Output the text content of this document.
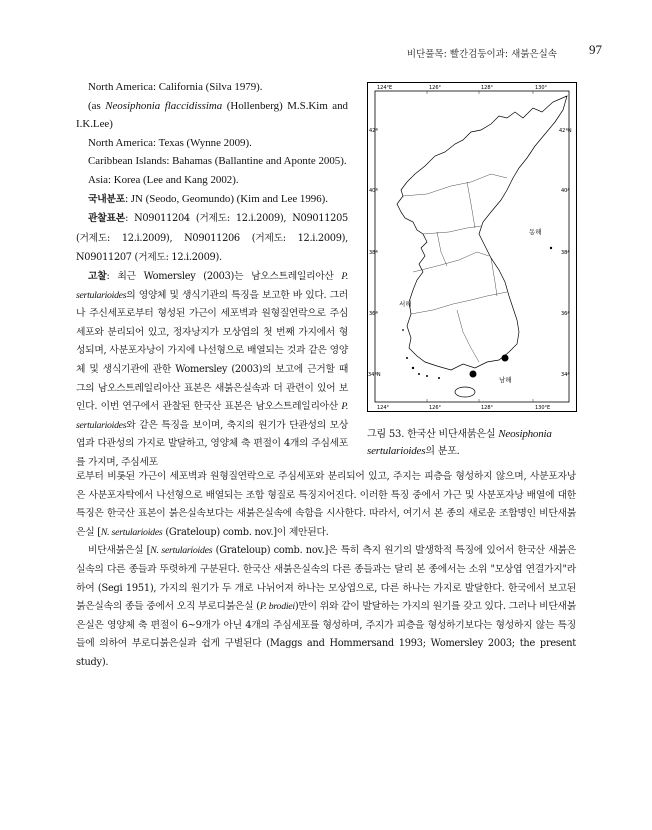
비단풀목: 빨간검둥이과: 새붉은실속 97

North America: California (Silva 1979).

(as Neosiphonia flaccidissima (Hollenberg) M.S.Kim and I.K.Lee)

North America: Texas (Wynne 2009).

Caribbean Islands: Bahamas (Ballantine and Aponte 2005).

Asia: Korea (Lee and Kang 2002).

국내분포: JN (Seodo, Geomundo) (Kim and Lee 1996).

관찰표본: N09011204 (거제도: 12.i.2009), N09011205 (거제도: 12.i.2009), N09011206 (거제도: 12.i.2009), N09011207 (거제도: 12.i.2009).

고찰: 최근 Womersley (2003)는 남오스트레일리아산 P. sertularioides의 영양체 및 생식기관의 특징을 보고한 바 있다. 그러나 주신세포로부터 형성된 가근이 세포벽과 원형질연락으로 주심세포와 분리되어 있고, 정자낭지가 모상엽의 첫 번째 가지에서 형성되며, 사분포자낭이 가지에 나선형으로 배열되는 것과 같은 영양체 및 생식기관에 관한 Womersley (2003)의 보고에 근거할 때 그의 남오스트레일리아산 표본은 새붉은실속과 더 관련이 있어 보인다. 이번 연구에서 관찰된 한국산 표본은 남오스트레일리아산 P. sertularioides와 같은 특징을 보이며, 축지의 원기가 단관성의 모상엽과 다관성의 가지로 발달하고, 영양체 축 편절이 4개의 주심세포를 가지며, 주심세포

124°E	126°	128°	130°
124°	126°	128°	130°E
42°
40°
38°
36°
34°N
42°N
40°
38°
36°
34°
동해
서해
남해
그림 53. 한국산 비단새붉은실 Neosiphonia sertularioides의 분포.

로부터 비롯된 가근이 세포벽과 원형질연락으로 주심세포와 분리되어 있고, 주지는 피층을 형성하지 않으며, 사분포자낭은 사분포자탁에서 나선형으로 배열되는 조합 형질로 특징지어진다. 이러한 특징 중에서 가근 및 사분포자낭 배열에 대한 특징은 한국산 표본이 붉은실속보다는 새붉은실속에 속함을 시사한다. 따라서, 여기서 본 종의 새로운 조합명인 비단새붉은실 [N. sertularioides (Grateloup) comb. nov.]이 제안된다.

비단새붉은실 [N. sertularioides (Grateloup) comb. nov.]은 특히 측지 원기의 발생학적 특징에 있어서 한국산 새붉은실속의 다른 종들과 뚜렷하게 구분된다. 한국산 새붉은실속의 다른 종들과는 달리 본 종에서는 소위 "모상엽 연결가지"라 하여 (Segi 1951), 가지의 원기가 두 개로 나뉘어져 하나는 모상엽으로, 다른 하나는 가지로 발달한다. 한국에서 보고된 붉은실속의 종들 중에서 오직 부로디붉은실 (P. brodiei)만이 위와 같이 발달하는 가지의 원기를 갖고 있다. 그러나 비단새붉은실은 영양체 축 편절이 6~9개가 아닌 4개의 주심세포를 형성하며, 주지가 피층을 형성하기보다는 형성하지 않는 특징들에 의하여 부로디붉은실과 쉽게 구별된다 (Maggs and Hommersand 1993; Womersley 2003; the present study).
